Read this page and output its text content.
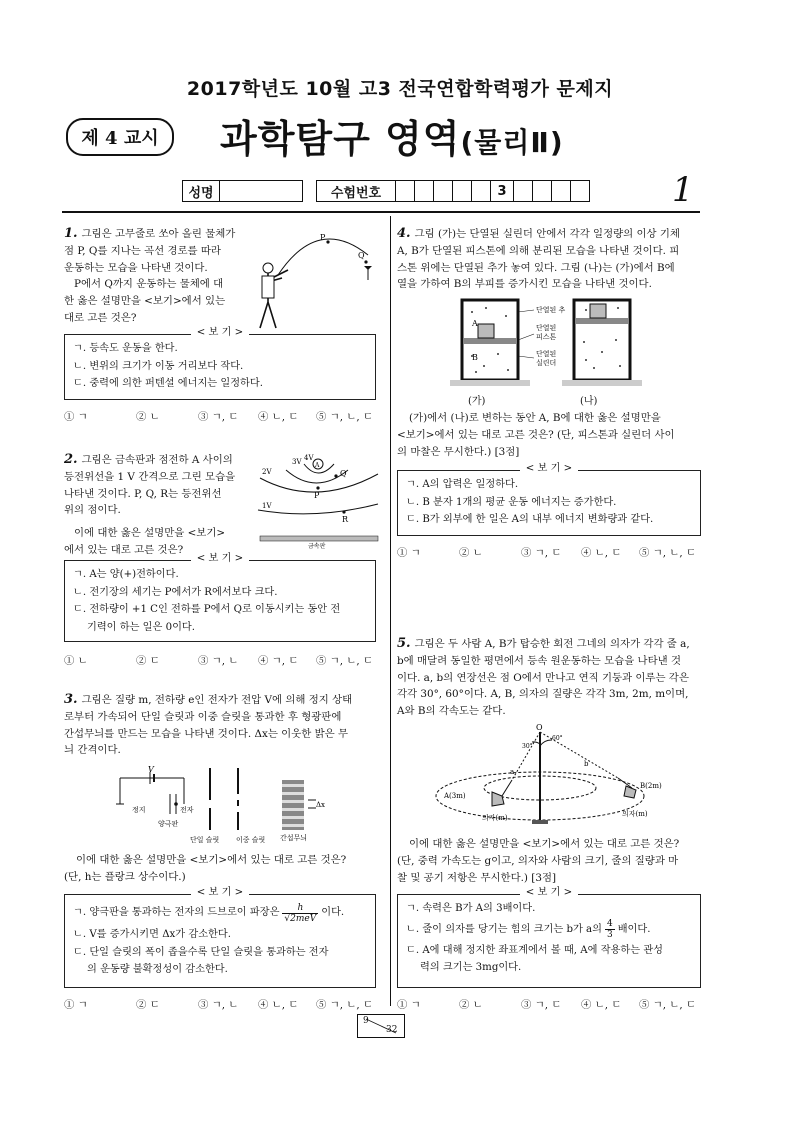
2017학년도 10월 고3 전국연합학력평가 문제지
제 4 교시	과학탐구 영역(물리Ⅱ)
성명	수험번호	3	1
1. 그림은 고무줄로 쏘아 올린 물체가
점 P, Q를 지나는 곡선 경로를 따라
운동하는 모습을 나타낸 것이다.
P에서 Q까지 운동하는 물체에 대
한 옳은 설명만을 <보기>에서 있는
대로 고른 것은?
P
Q
< 보 기 >
ㄱ. 등속도 운동을 한다.
ㄴ. 변위의 크기가 이동 거리보다 작다.
ㄷ. 중력에 의한 퍼텐셜 에너지는 일정하다.
① ㄱ	② ㄴ	③ ㄱ, ㄷ	④ ㄴ, ㄷ	⑤ ㄱ, ㄴ, ㄷ
2. 그림은 금속판과 점전하 A 사이의
등전위선을 1 V 간격으로 그린 모습을
나타낸 것이다. P, Q, R는 등전위선
위의 점이다.
이에 대한 옳은 설명만을 <보기>
에서 있는 대로 고른 것은?
3V 4V
A
Q
2V
P
1V
R
금속판
< 보 기 >
ㄱ. A는 양(+)전하이다.
ㄴ. 전기장의 세기는 P에서가 R에서보다 크다.
ㄷ. 전하량이 +1 C인 전하를 P에서 Q로 이동시키는 동안 전
기력이 하는 일은 0이다.
① ㄴ	② ㄷ	③ ㄱ, ㄴ	④ ㄱ, ㄷ	⑤ ㄱ, ㄴ, ㄷ
3. 그림은 질량 m, 전하량 e인 전자가 전압 V에 의해 정지 상태
로부터 가속되어 단일 슬릿과 이중 슬릿을 통과한 후 형광판에
간섭무늬를 만드는 모습을 나타낸 것이다. Δx는 이웃한 밝은 무
늬 간격이다.
V
정지	전자
양극판
단일 슬릿 이중 슬릿 간섭무늬
Δx
이에 대한 옳은 설명만을 <보기>에서 있는 대로 고른 것은?
(단, h는 플랑크 상수이다.)
< 보 기 >
ㄱ. 양극판을 통과하는 전자의 드브로이 파장은 h
√2meV
이다.
ㄴ. V를 증가시키면 Δx가 감소한다.
ㄷ. 단일 슬릿의 폭이 좁을수록 단일 슬릿을 통과하는 전자
의 운동량 불확정성이 감소한다.
① ㄱ	② ㄷ	③ ㄱ, ㄴ	④ ㄴ, ㄷ	⑤ ㄱ, ㄴ, ㄷ
4. 그림 (가)는 단열된 실린더 안에서 각각 일정량의 이상 기체
A, B가 단열된 피스톤에 의해 분리된 모습을 나타낸 것이다. 피
스톤 위에는 단열된 추가 놓여 있다. 그림 (나)는 (가)에서 B에
열을 가하여 B의 부피를 증가시킨 모습을 나타낸 것이다.
단열된 추
단열된
피스톤
단열된
실린더
A
B
(가)	(나)
(가)에서 (나)로 변하는 동안 A, B에 대한 옳은 설명만을
<보기>에서 있는 대로 고른 것은? (단, 피스톤과 실린더 사이
의 마찰은 무시한다.) [3점]
< 보 기 >
ㄱ. A의 압력은 일정하다.
ㄴ. B 분자 1개의 평균 운동 에너지는 증가한다.
ㄷ. B가 외부에 한 일은 A의 내부 에너지 변화량과 같다.
① ㄱ	② ㄴ	③ ㄱ, ㄷ	④ ㄴ, ㄷ	⑤ ㄱ, ㄴ, ㄷ
5. 그림은 두 사람 A, B가 탑승한 회전 그네의 의자가 각각 줄 a,
b에 매달려 동일한 평면에서 등속 원운동하는 모습을 나타낸 것
이다. a, b의 연장선은 점 O에서 만나고 연직 기둥과 이루는 각은
각각 30°, 60°이다. A, B, 의자의 질량은 각각 3m, 2m, m이며,
A와 B의 각속도는 같다.
O
30°
60°
a
b
A(3m)
B(2m)
의자(m)	의자(m)
이에 대한 옳은 설명만을 <보기>에서 있는 대로 고른 것은?
(단, 중력 가속도는 g이고, 의자와 사람의 크기, 줄의 질량과 마
찰 및 공기 저항은 무시한다.) [3점]
< 보 기 >
ㄱ. 속력은 B가 A의 3배이다.
ㄴ. 줄이 의자를 당기는 힘의 크기는 b가 a의 $\frac{4}{3}$ 배이다.
ㄷ. A에 대해 정지한 좌표계에서 볼 때, A에 작용하는 관성
력의 크기는 3mg이다.
① ㄱ	② ㄴ	③ ㄱ, ㄷ	④ ㄴ, ㄷ	⑤ ㄱ, ㄴ, ㄷ
9
32
